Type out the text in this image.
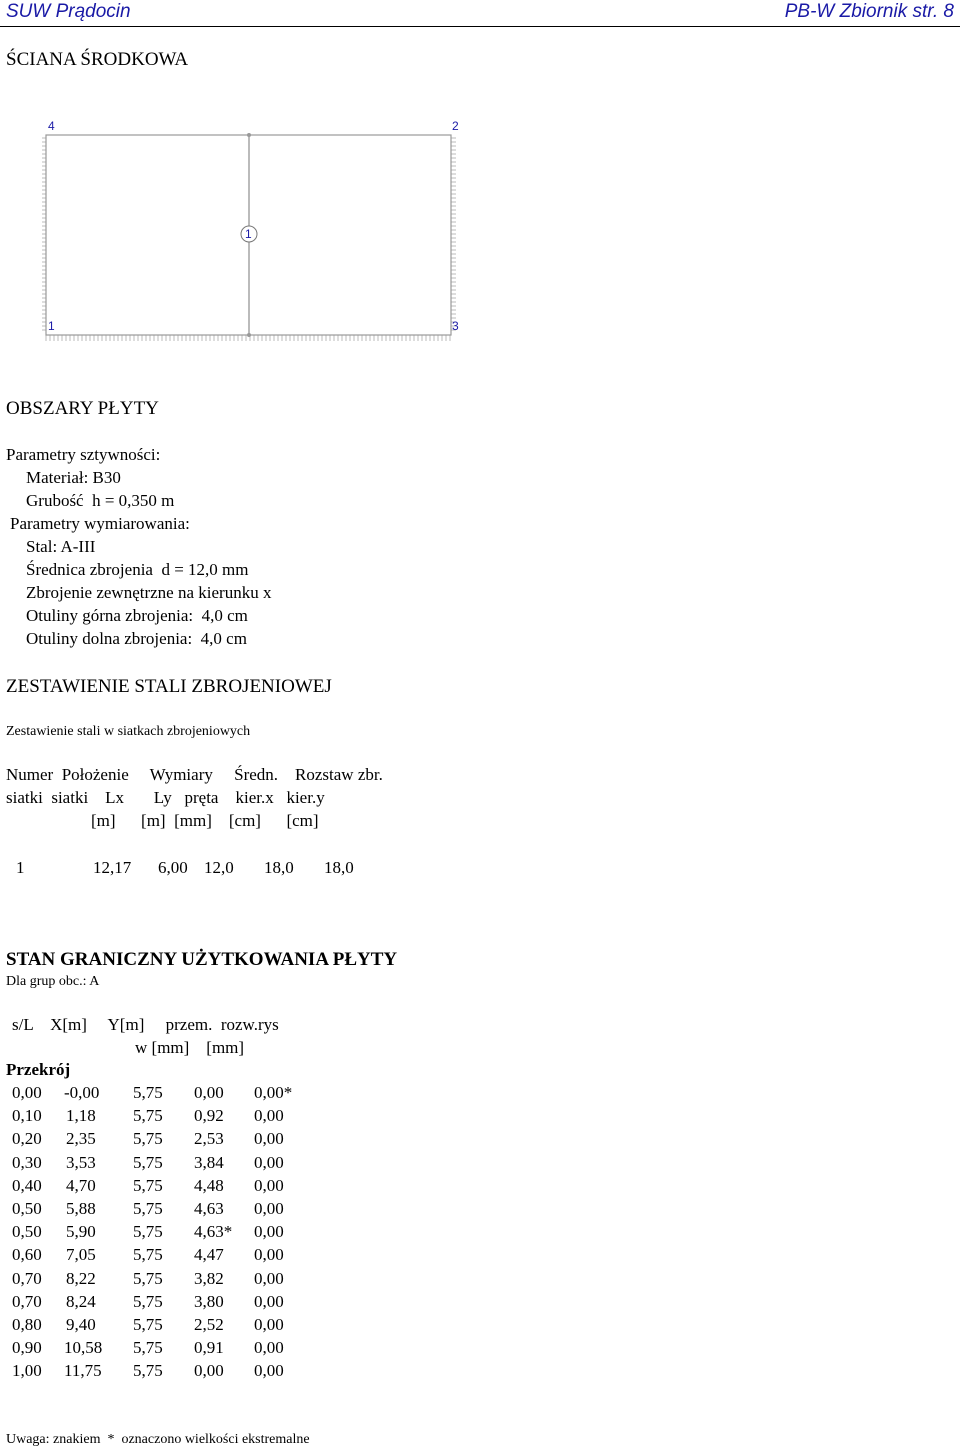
SUW Prądocin	PB-W Zbiornik str. 8
ŚCIANA ŚRODKOWA
1
4	2
1	3
OBSZARY PŁYTY
Parametry sztywności:
Materiał: B30
Grubość  h = 0,350 m
Parametry wymiarowania:
Stal: A-III
Średnica zbrojenia  d = 12,0 mm
Zbrojenie zewnętrzne na kierunku x
Otuliny górna zbrojenia:  4,0 cm
Otuliny dolna zbrojenia:  4,0 cm
ZESTAWIENIE STALI ZBROJENIOWEJ
Zestawienie stali w siatkach zbrojeniowych
Numer  Położenie     Wymiary     Średn.    Rozstaw zbr.
siatki  siatki    Lx       Ly   pręta    kier.x   kier.y
[m]      [m]  [mm]    [cm]      [cm]
1	12,17 6,00 12,0 18,0 18,0
STAN GRANICZNY UŻYTKOWANIA PŁYTY
Dla grup obc.: A
s/L    X[m]     Y[m]     przem.  rozw.rys
w [mm]    [mm]
Przekrój
0,00 -0,00 5,75 0,00 0,00*
0,10 1,18 5,75 0,92 0,00
0,20 2,35 5,75 2,53 0,00
0,30 3,53 5,75 3,84 0,00
0,40 4,70 5,75 4,48 0,00
0,50 5,88 5,75 4,63 0,00
0,50 5,90 5,75 4,63* 0,00
0,60 7,05 5,75 4,47 0,00
0,70 8,22 5,75 3,82 0,00
0,70 8,24 5,75 3,80 0,00
0,80 9,40 5,75 2,52 0,00
0,90 10,58 5,75 0,91 0,00
1,00 11,75 5,75 0,00 0,00
Uwaga: znakiem  *  oznaczono wielkości ekstremalne
